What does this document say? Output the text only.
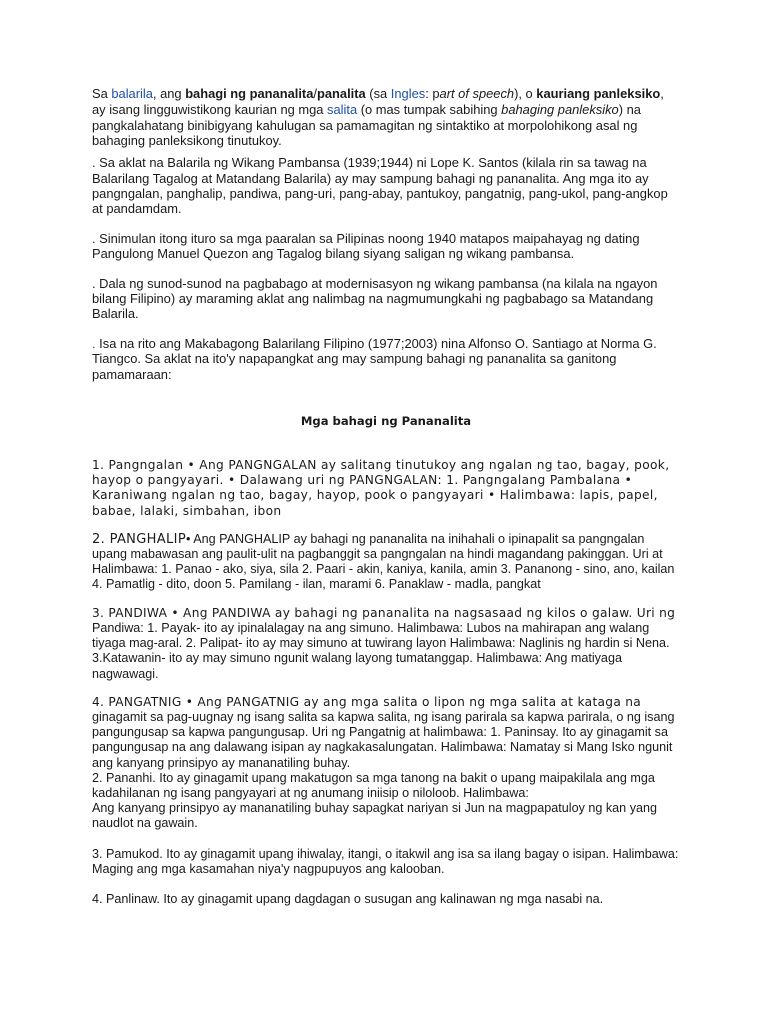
Sa balarila, ang bahagi ng pananalita/panalita (sa Ingles: part of speech), o kauriang panleksiko, ay isang lingguwistikong kaurian ng mga salita (o mas tumpak sabihing bahaging panleksiko) na pangkalahatang binibigyang kahulugan sa pamamagitan ng sintaktiko at morpolohikong asal ng bahaging panleksikong tinutukoy.

. Sa aklat na Balarila ng Wikang Pambansa (1939;1944) ni Lope K. Santos (kilala rin sa tawag na Balarilang Tagalog at Matandang Balarila) ay may sampung bahagi ng pananalita. Ang mga ito ay pangngalan, panghalip, pandiwa, pang-uri, pang-abay, pantukoy, pangatnig, pang-ukol, pang-angkop at pandamdam.

. Sinimulan itong ituro sa mga paaralan sa Pilipinas noong 1940 matapos maipahayag ng dating Pangulong Manuel Quezon ang Tagalog bilang siyang saligan ng wikang pambansa.

. Dala ng sunod-sunod na pagbabago at modernisasyon ng wikang pambansa (na kilala na ngayon bilang Filipino) ay maraming aklat ang nalimbag na nagmumungkahi ng pagbabago sa Matandang Balarila.

. Isa na rito ang Makabagong Balarilang Filipino (1977;2003) nina Alfonso O. Santiago at Norma G. Tiangco. Sa aklat na ito'y napapangkat ang may sampung bahagi ng pananalita sa ganitong pamamaraan:

Mga bahagi ng Pananalita

1. Pangngalan • Ang PANGNGALAN ay salitang tinutukoy ang ngalan ng tao, bagay, pook, hayop o pangyayari. • Dalawang uri ng PANGNGALAN: 1. Pangngalang Pambalana • Karaniwang ngalan ng tao, bagay, hayop, pook o pangyayari • Halimbawa: lapis, papel, babae, lalaki, simbahan, ibon

2. PANGHALIP• Ang PANGHALIP ay bahagi ng pananalita na inihahali o ipinapalit sa pangngalan upang mabawasan ang paulit-ulit na pagbanggit sa pangngalan na hindi magandang pakinggan. Uri at Halimbawa: 1. Panao - ako, siya, sila 2. Paari - akin, kaniya, kanila, amin 3. Pananong - sino, ano, kailan 4. Pamatlig - dito, doon 5. Pamilang - ilan, marami 6. Panaklaw - madla, pangkat

3. PANDIWA • Ang PANDIWA ay bahagi ng pananalita na nagsasaad ng kilos o galaw. Uri ng
Pandiwa: 1. Payak- ito ay ipinalalagay na ang simuno. Halimbawa: Lubos na mahirapan ang walang tiyaga mag-aral. 2. Palipat- ito ay may simuno at tuwirang layon Halimbawa: Naglinis ng hardin si Nena. 3.Katawanin- ito ay may simuno ngunit walang layong tumatanggap. Halimbawa: Ang matiyaga nagwawagi.

4. PANGATNIG • Ang PANGATNIG ay ang mga salita o lipon ng mga salita at kataga na
ginagamit sa pag-uugnay ng isang salita sa kapwa salita, ng isang parirala sa kapwa parirala, o ng isang pangungusap sa kapwa pangungusap. Uri ng Pangatnig at halimbawa: 1. Paninsay. Ito ay ginagamit sa pangungusap na ang dalawang isipan ay nagkakasalungatan. Halimbawa: Namatay si Mang Isko ngunit ang kanyang prinsipyo ay mananatiling buhay.
2. Pananhi. Ito ay ginagamit upang makatugon sa mga tanong na bakit o upang maipakilala ang mga kadahilanan ng isang pangyayari at ng anumang iniisip o niloloob. Halimbawa:
Ang kanyang prinsipyo ay mananatiling buhay sapagkat nariyan si Jun na magpapatuloy ng kan yang naudlot na gawain.

3. Pamukod. Ito ay ginagamit upang ihiwalay, itangi, o itakwil ang isa sa ilang bagay o isipan. Halimbawa: Maging ang mga kasamahan niya'y nagpupuyos ang kalooban.

4. Panlinaw. Ito ay ginagamit upang dagdagan o susugan ang kalinawan ng mga nasabi na.
